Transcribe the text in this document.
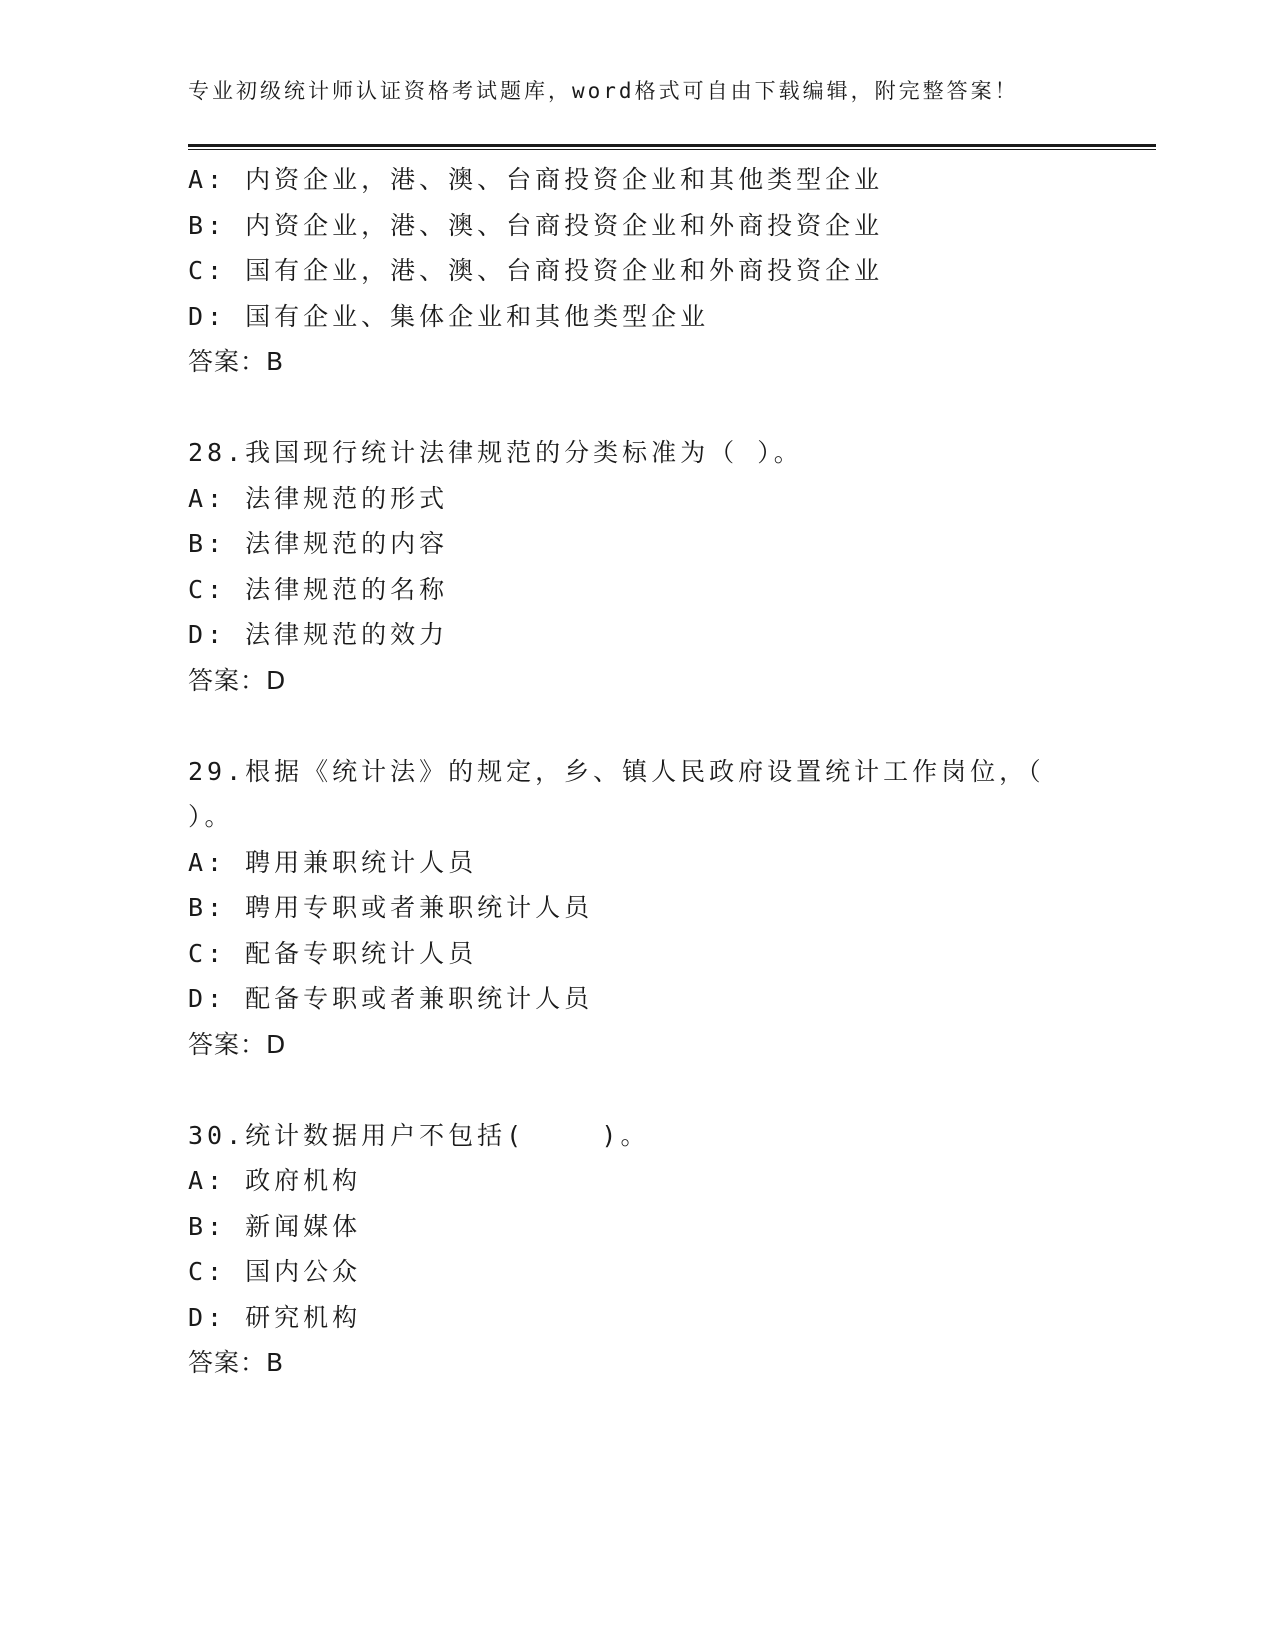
专业初级统计师认证资格考试题库，word格式可自由下载编辑，附完整答案！
A: 内资企业，港、澳、台商投资企业和其他类型企业
B: 内资企业，港、澳、台商投资企业和外商投资企业
C: 国有企业，港、澳、台商投资企业和外商投资企业
D: 国有企业、集体企业和其他类型企业
答案：B
28.我国现行统计法律规范的分类标准为（ ）。
A: 法律规范的形式
B: 法律规范的内容
C: 法律规范的名称
D: 法律规范的效力
答案：D
29.根据《统计法》的规定，乡、镇人民政府设置统计工作岗位，（
）。
A: 聘用兼职统计人员
B: 聘用专职或者兼职统计人员
C: 配备专职统计人员
D: 配备专职或者兼职统计人员
答案：D
30.统计数据用户不包括(    )。
A: 政府机构
B: 新闻媒体
C: 国内公众
D: 研究机构
答案：B
